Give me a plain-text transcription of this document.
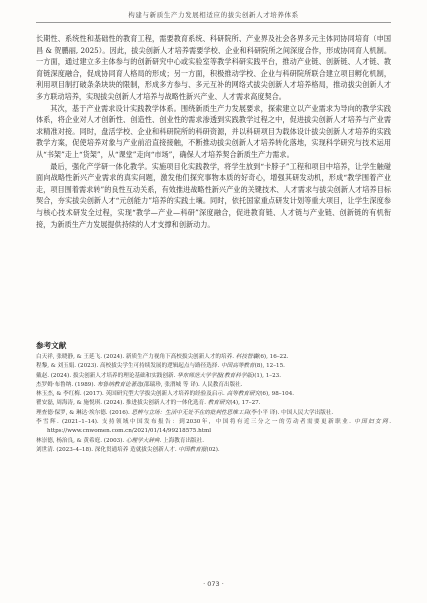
构建与新质生产力发展相适应的拔尖创新人才培养体系

长期性、系统性和基础性的教育工程，需要教育系统、科研院所、产业界及社会各界多元主体同协同培育（申国昌 & 贺鹏丽, 2025）。因此，拔尖创新人才培养需要学校、企业和科研院所之间深度合作，形成协同育人机制。一方面，通过建立多主体参与的创新研究中心或实验室等教学科研实践平台，推动产业链、创新链、人才链、教育链深度融合，促成协同育人格局的形成；另一方面，积极推动学校、企业与科研院所联合建立项目孵化机制，利用项目制打破条条块块的限制，形成多方参与、多元互补的网络式拔尖创新人才培养格局，推动拔尖创新人才多方联动培养，实现拔尖创新人才培养与战略性新兴产业、人才需求高度契合。

其次，基于产业需求设计实践教学体系。围绕新质生产力发展要求，探索建立以产业需求为导向的教学实践体系，将企业对人才创新性、创造性、创业性的需求渗透到实践教学过程之中，促进拔尖创新人才培养与产业需求精准对接。同时，盘活学校、企业和科研院所的科研资源，并以科研项目为载体设计拔尖创新人才培养的实践教学方案，促使培养对象与产业前沿直接接触，不断推动拔尖创新人才培养转化落地，实现科学研究与技术运用从“书架”走上“货架”，从“课堂”走向“市场”，确保人才培养契合新质生产力需求。

最后，强化产学研一体化教学。实施项目化实践教学，将学生放到“卡脖子”工程和项目中培养，让学生触碰面向战略性新兴产业需求的真实问题，激发他们探究事物本质的好奇心，增强其研发动机，形成“教学围着产业走，项目围着需求转”的良性互动关系，有效推进战略性新兴产业的关键技术、人才需求与拔尖创新人才培养目标契合，夯实拔尖创新人才“元创能力”培养的实践土壤。同时，依托国家重点研发计划等重大项目，让学生深度参与核心技术研发全过程，实现“教学—产业—科研”深度融合，促进教育链、人才链与产业链、创新链的有机衔接，为新质生产力发展提供持续的人才支撑和创新动力。

参考文献
白天祥, 张晓静, & 王延飞. (2024). 新质生产力视角下高校拔尖创新人才的培养. 科技智囊(6), 16–22.
程黎, & 刘玉娟. (2023). 高校拔尖学生可持续发展的逻辑起点与路径选择. 中国高等教育(8), 12–15.
戴赵. (2024). 拔尖创新人才培养的理论基础和实践创新. 华东师范大学学报(教育科学版)(1), 1–23.
杰罗姆·布鲁纳. (1989). 布鲁纳教育论著选(邵瑞珍, 张渭城 等 译). 人民教育出版社.
林玉杰, & 李红梅. (2017). 英国研究型大学拔尖创新人才培养的经验及启示. 高等教育研究(6), 98–104.
瞿安磊, 周海涛, & 施悦琪. (2024). 推进拔尖创新人才的一体化选育. 教育研究(4), 17–27.
理查德·保罗, & 琳达·埃尔德. (2016). 思辨与立场：生活中无处不在的批判性思维工具(李小平 译). 中国人民大学出版社.
李雪辉. (2021–1–14). 支持领域中国发布报告：到2030年，中国将有近三分之一的劳动者需要更新职业. 中国妇女网. https://www.cnwomen.com.cn/2021/01/14/99218575.html
林崇德, 杨治良, & 黄希庭. (2003). 心理学大辞典. 上海教育出版社.
刘世清. (2023–4–18). 深化贯通培养 造就拔尖创新人才. 中国教育报(02).
· 073 ·
